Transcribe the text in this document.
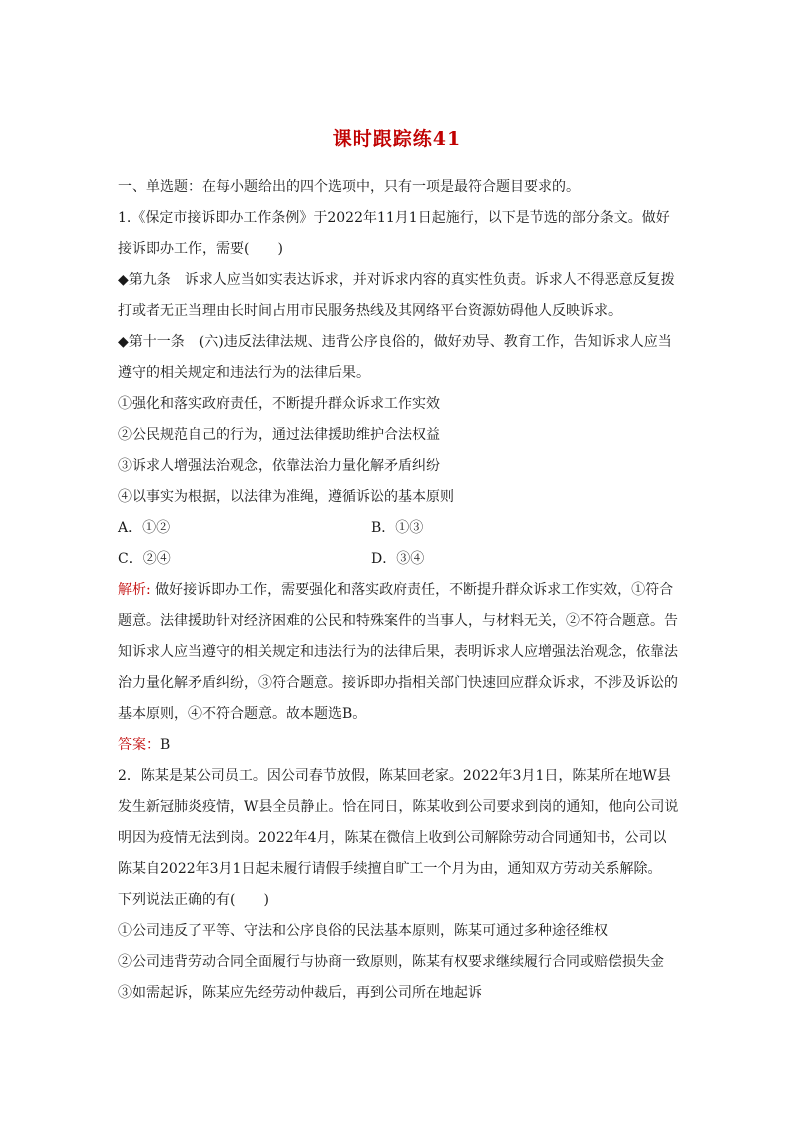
课时跟踪练41
一、单选题：在每小题给出的四个选项中，只有一项是最符合题目要求的。
1.《保定市接诉即办工作条例》于2022年11月1日起施行，以下是节选的部分条文。做好
接诉即办工作，需要(　　)
◆第九条　诉求人应当如实表达诉求，并对诉求内容的真实性负责。诉求人不得恶意反复拨
打或者无正当理由长时间占用市民服务热线及其网络平台资源妨碍他人反映诉求。
◆第十一条　(六)违反法律法规、违背公序良俗的，做好劝导、教育工作，告知诉求人应当
遵守的相关规定和违法行为的法律后果。
①强化和落实政府责任，不断提升群众诉求工作实效
②公民规范自己的行为，通过法律援助维护合法权益
③诉求人增强法治观念，依靠法治力量化解矛盾纠纷
④以事实为根据，以法律为准绳，遵循诉讼的基本原则
A．①②	B．①③
C．②④	D．③④
解析: 做好接诉即办工作，需要强化和落实政府责任，不断提升群众诉求工作实效，①符合
题意。法律援助针对经济困难的公民和特殊案件的当事人，与材料无关，②不符合题意。告
知诉求人应当遵守的相关规定和违法行为的法律后果，表明诉求人应增强法治观念，依靠法
治力量化解矛盾纠纷，③符合题意。接诉即办指相关部门快速回应群众诉求，不涉及诉讼的
基本原则，④不符合题意。故本题选B。
答案：B
2．陈某是某公司员工。因公司春节放假，陈某回老家。2022年3月1日，陈某所在地W县
发生新冠肺炎疫情，W县全员静止。恰在同日，陈某收到公司要求到岗的通知，他向公司说
明因为疫情无法到岗。2022年4月，陈某在微信上收到公司解除劳动合同通知书，公司以
陈某自2022年3月1日起未履行请假手续擅自旷工一个月为由，通知双方劳动关系解除。
下列说法正确的有(　　)
①公司违反了平等、守法和公序良俗的民法基本原则，陈某可通过多种途径维权
②公司违背劳动合同全面履行与协商一致原则，陈某有权要求继续履行合同或赔偿损失金
③如需起诉，陈某应先经劳动仲裁后，再到公司所在地起诉
